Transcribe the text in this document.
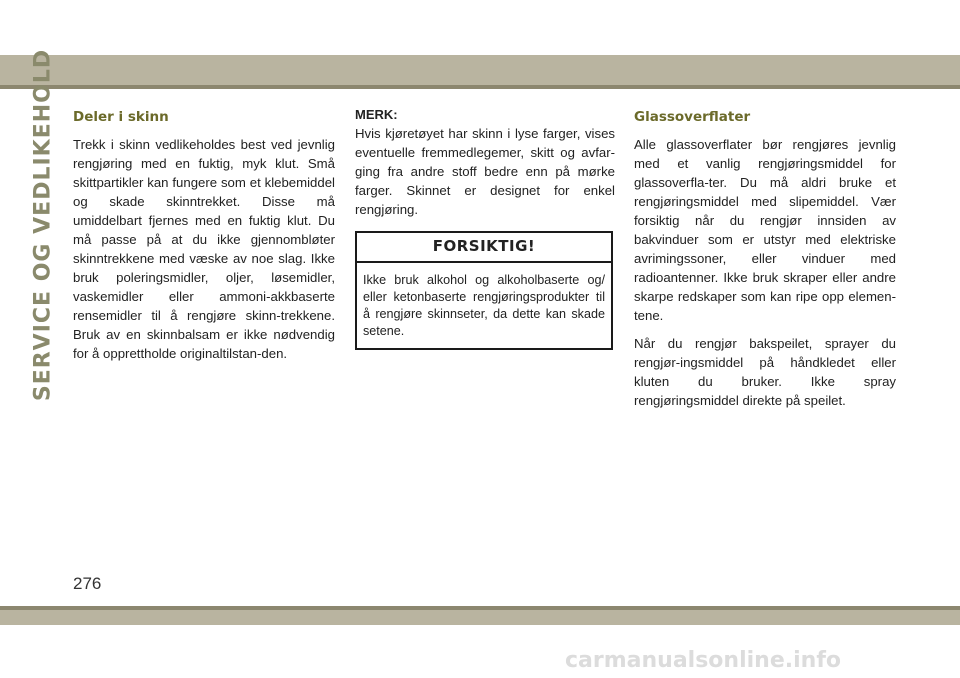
SERVICE OG VEDLIKEHOLD Deler i skinn

Trekk i skinn vedlikeholdes best ved jevnlig rengjøring med en fuktig, myk klut. Små skittpartikler kan fungere som et klebemiddel og skade skinntrekket. Disse må umiddelbart fjernes med en fuktig klut. Du må passe på at du ikke gjennombløter skinntrekkene med væske av noe slag. Ikke bruk poleringsmidler, oljer, løsemidler, vaskemidler eller ammoni-akkbaserte rensemidler til å rengjøre skinn-trekkene. Bruk av en skinnbalsam er ikke nødvendig for å opprettholde originaltilstan-den.

MERK:

Hvis kjøretøyet har skinn i lyse farger, vises eventuelle fremmedlegemer, skitt og avfar-ging fra andre stoff bedre enn på mørke farger. Skinnet er designet for enkel rengjøring.

FORSIKTIG!
Ikke bruk alkohol og alkoholbaserte og/ eller ketonbaserte rengjøringsprodukter til å rengjøre skinnseter, da dette kan skade setene.
Glassoverflater

Alle glassoverflater bør rengjøres jevnlig med et vanlig rengjøringsmiddel for glassoverfla-ter. Du må aldri bruke et rengjøringsmiddel med slipemiddel. Vær forsiktig når du rengjør innsiden av bakvinduer som er utstyr med elektriske avrimingssoner, eller vinduer med radioantenner. Ikke bruk skraper eller andre skarpe redskaper som kan ripe opp elemen-tene.

Når du rengjør bakspeilet, sprayer du rengjør-ingsmiddel på håndkledet eller kluten du bruker. Ikke spray rengjøringsmiddel direkte på speilet.

276
carmanualsonline.info
